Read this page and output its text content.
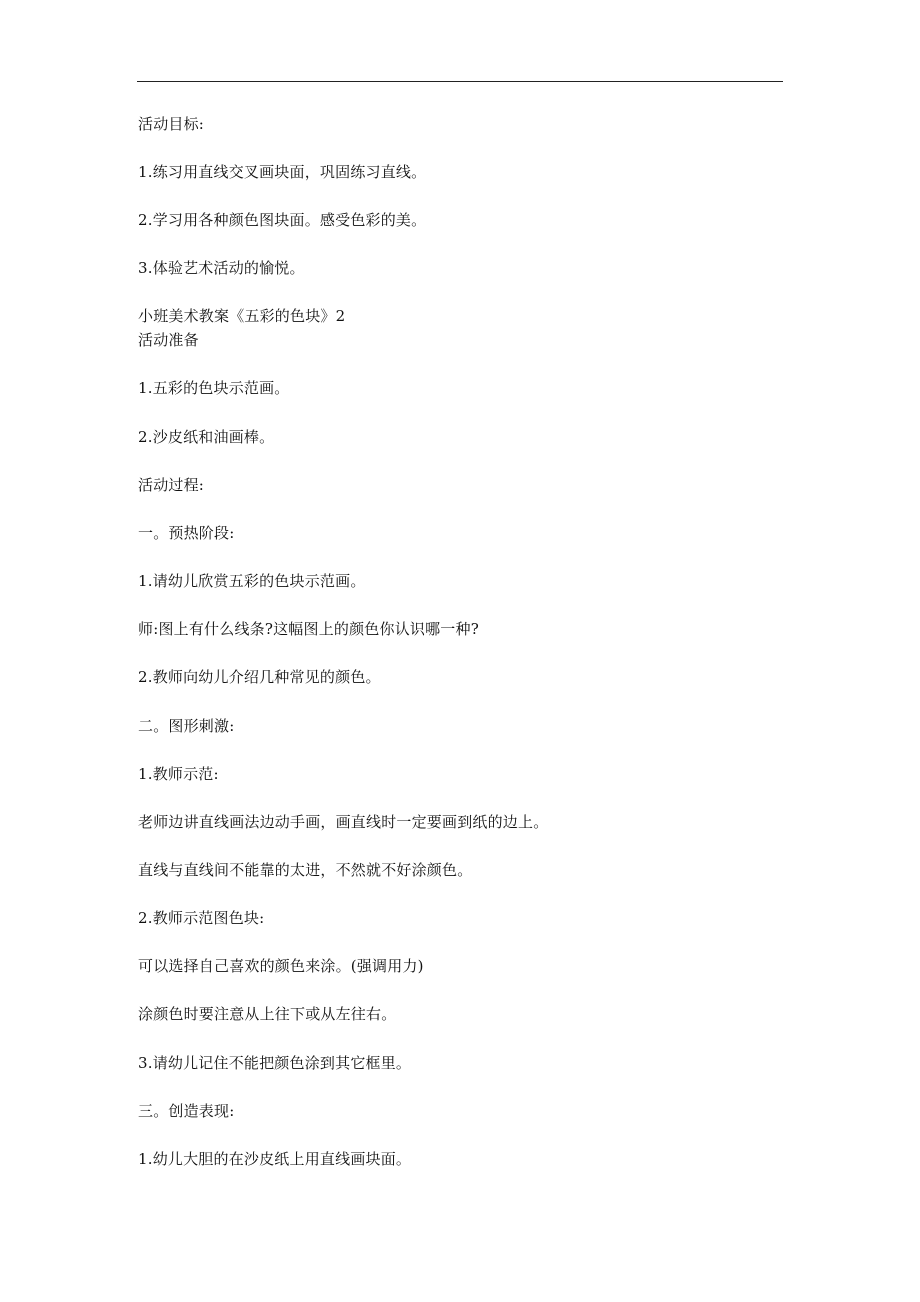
活动目标:
1.练习用直线交叉画块面，巩固练习直线。
2.学习用各种颜色图块面。感受色彩的美。
3.体验艺术活动的愉悦。
小班美术教案《五彩的色块》2
活动准备
1.五彩的色块示范画。
2.沙皮纸和油画棒。
活动过程:
一。预热阶段:
1.请幼儿欣赏五彩的色块示范画。
师:图上有什么线条?这幅图上的颜色你认识哪一种?
2.教师向幼儿介绍几种常见的颜色。
二。图形刺激:
1.教师示范:
老师边讲直线画法边动手画，画直线时一定要画到纸的边上。
直线与直线间不能靠的太进，不然就不好涂颜色。
2.教师示范图色块:
可以选择自己喜欢的颜色来涂。(强调用力)
涂颜色时要注意从上往下或从左往右。
3.请幼儿记住不能把颜色涂到其它框里。
三。创造表现:
1.幼儿大胆的在沙皮纸上用直线画块面。
